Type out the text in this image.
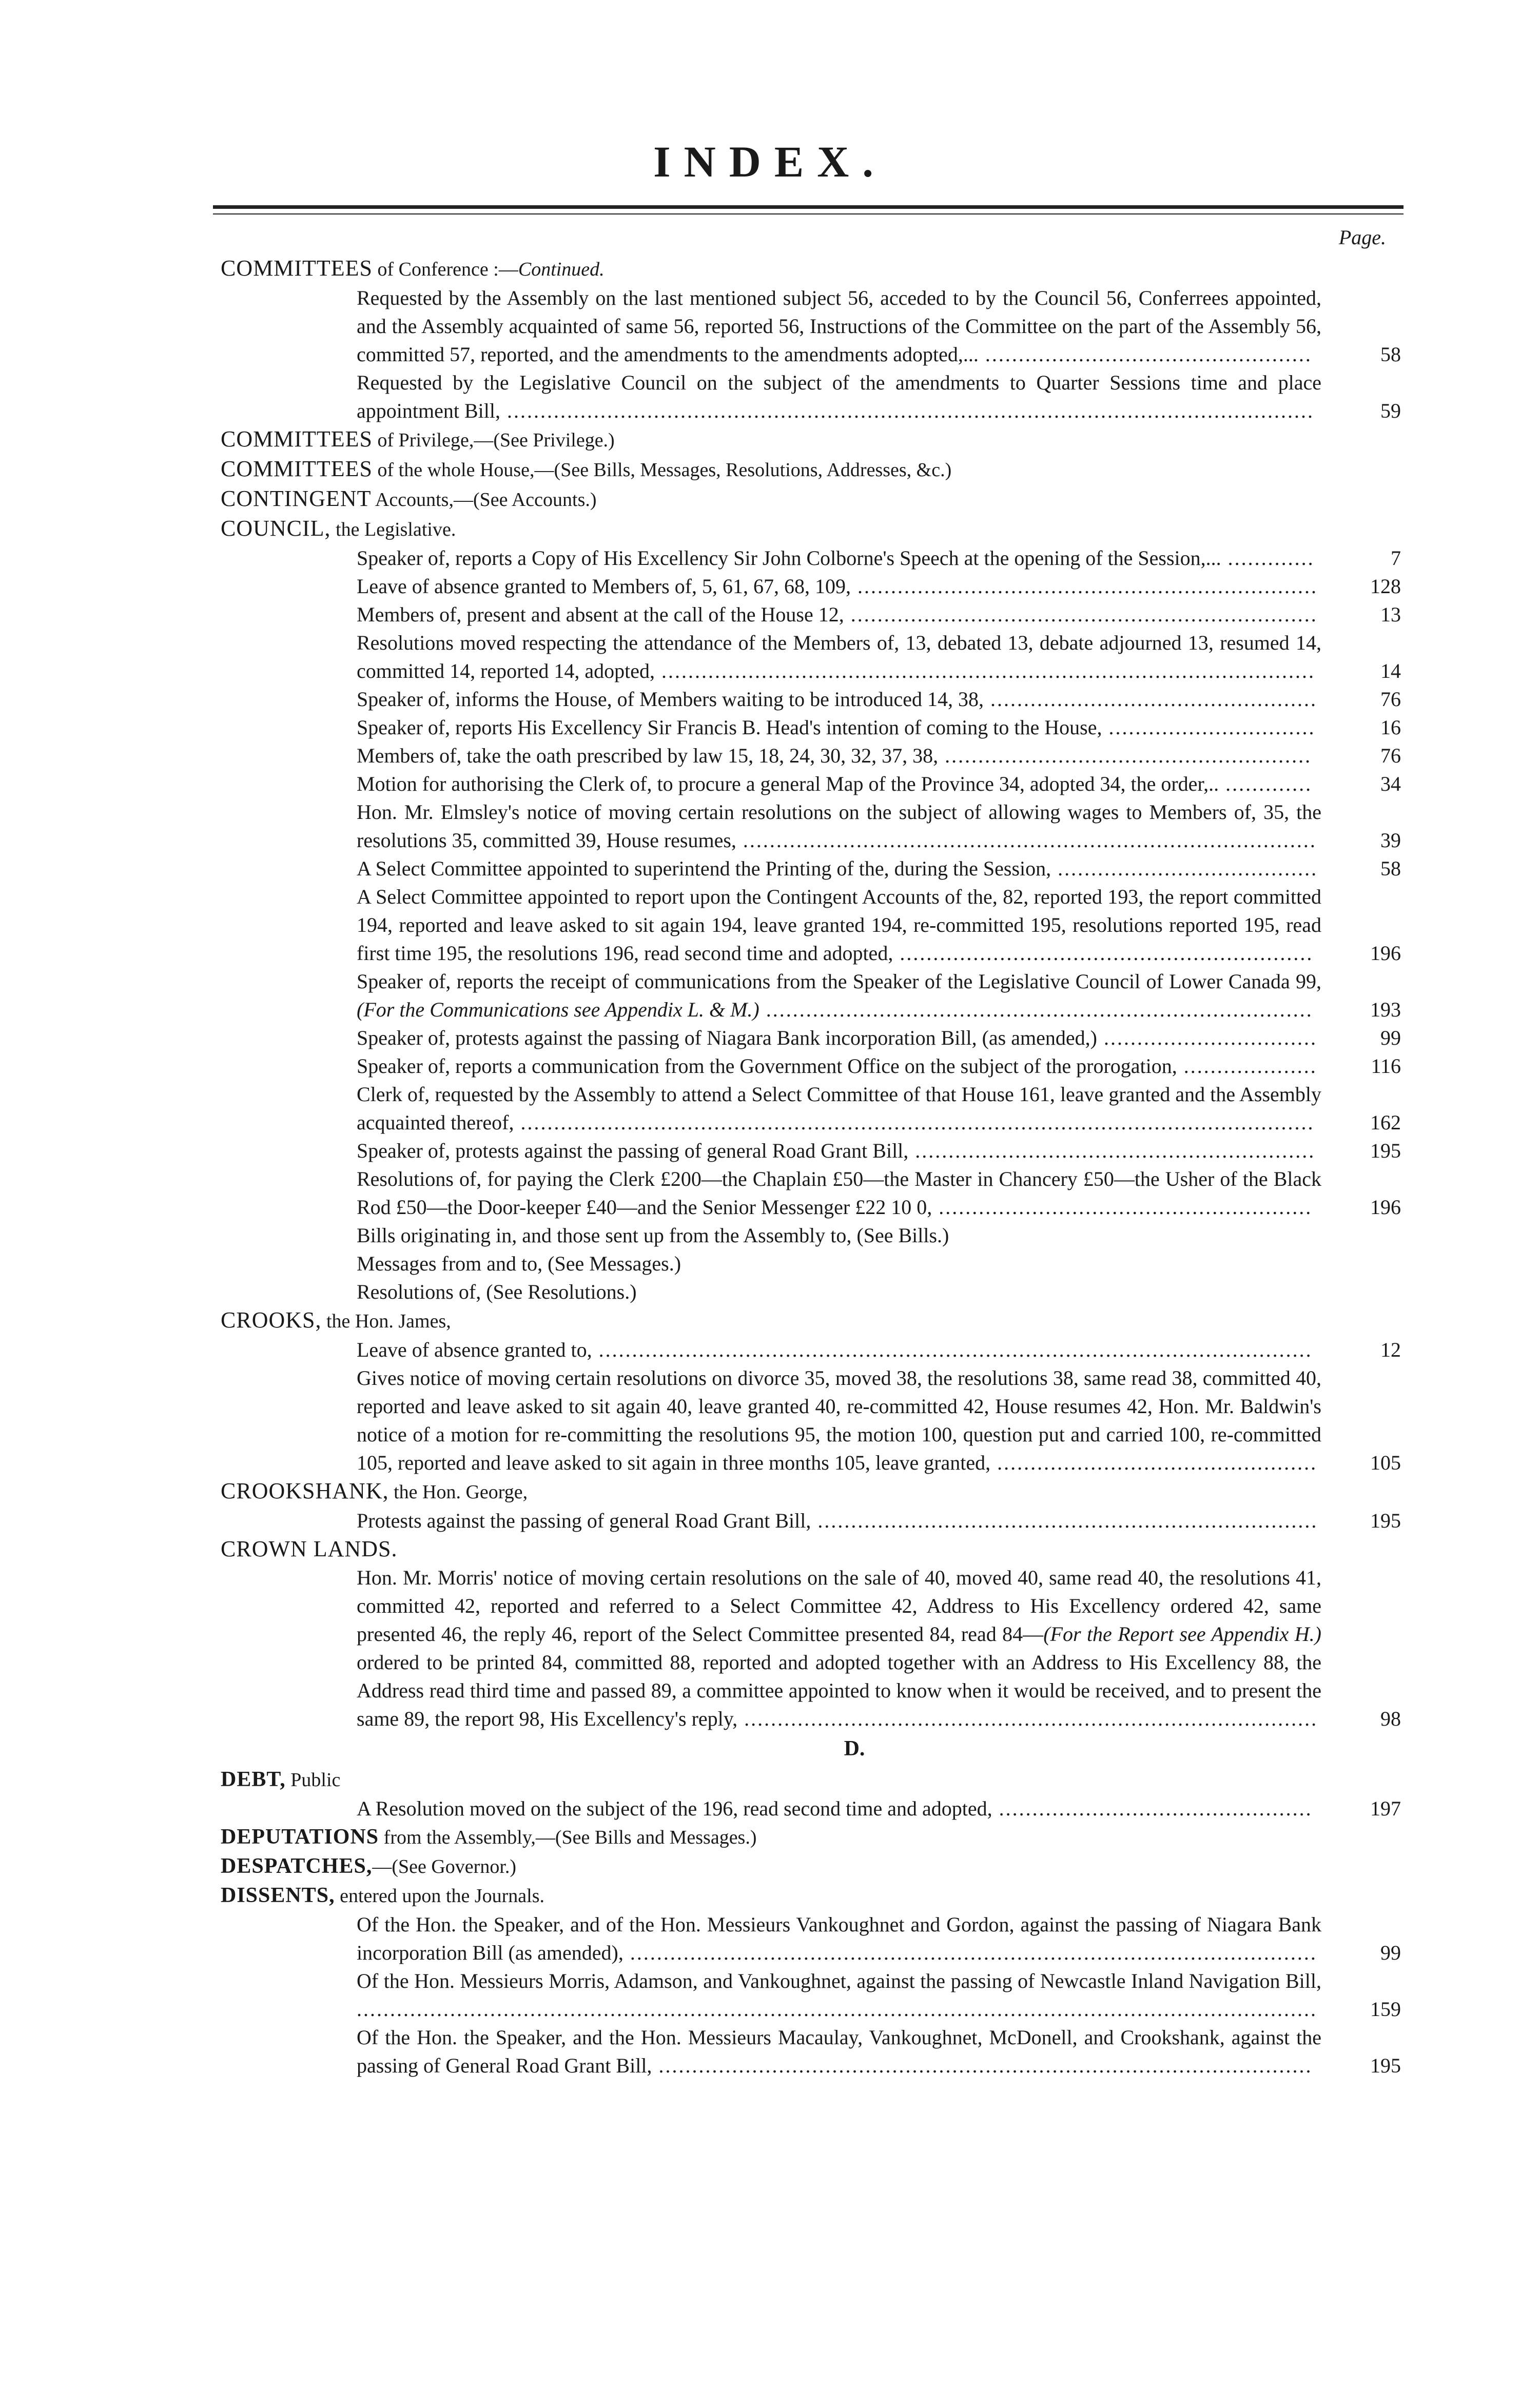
INDEX.
Page.

COMMITTEES of Conference :—Continued.

Requested by the Assembly on the last mentioned subject 56, acceded to by the Council 56, Conferrees appointed, and the Assembly acquainted of same 56, reported 56, Instructions of the Committee on the part of the Assembly 56, committed 57, reported, and the amendments to the amendments adopted,... .................................................	58
Requested by the Legislative Council on the subject of the amendments to Quarter Sessions time and place appointment Bill, .........................................................................................................................	59

COMMITTEES of Privilege,—(See Privilege.)

COMMITTEES of the whole House,—(See Bills, Messages, Resolutions, Addresses, &c.)

CONTINGENT Accounts,—(See Accounts.)

COUNCIL, the Legislative.

Speaker of, reports a Copy of His Excellency Sir John Colborne's Speech at the opening of the Session,... .............	7
Leave of absence granted to Members of, 5, 61, 67, 68, 109, .....................................................................	128
Members of, present and absent at the call of the House 12, ......................................................................	13
Resolutions moved respecting the attendance of the Members of, 13, debated 13, debate adjourned 13, resumed 14, committed 14, reported 14, adopted, ..................................................................................................	14
Speaker of, informs the House, of Members waiting to be introduced 14, 38, .................................................	76
Speaker of, reports His Excellency Sir Francis B. Head's intention of coming to the House, ...............................	16
Members of, take the oath prescribed by law 15, 18, 24, 30, 32, 37, 38, .......................................................	76
Motion for authorising the Clerk of, to procure a general Map of the Province 34, adopted 34, the order,.. .............	34
Hon. Mr. Elmsley's notice of moving certain resolutions on the subject of allowing wages to Members of, 35, the resolutions 35, committed 39, House resumes, ......................................................................................	39
A Select Committee appointed to superintend the Printing of the, during the Session, .......................................	58
A Select Committee appointed to report upon the Contingent Accounts of the, 82, reported 193, the report committed 194, reported and leave asked to sit again 194, leave granted 194, re-committed 195, resolutions reported 195, read first time 195, the resolutions 196, read second time and adopted, ..............................................................	196
Speaker of, reports the receipt of communications from the Speaker of the Legislative Council of Lower Canada 99, (For the Communications see Appendix L. & M.) ..................................................................................	193
Speaker of, protests against the passing of Niagara Bank incorporation Bill, (as amended,) ................................	99
Speaker of, reports a communication from the Government Office on the subject of the prorogation, ....................	116
Clerk of, requested by the Assembly to attend a Select Committee of that House 161, leave granted and the Assembly acquainted thereof, .......................................................................................................................	162
Speaker of, protests against the passing of general Road Grant Bill, ............................................................	195
Resolutions of, for paying the Clerk £200—the Chaplain £50—the Master in Chancery £50—the Usher of the Black Rod £50—the Door-keeper £40—and the Senior Messenger £22 10 0, ........................................................	196
Bills originating in, and those sent up from the Assembly to, (See Bills.)
Messages from and to, (See Messages.)
Resolutions of, (See Resolutions.)

CROOKS, the Hon. James,

Leave of absence granted to, ...........................................................................................................	12
Gives notice of moving certain resolutions on divorce 35, moved 38, the resolutions 38, same read 38, committed 40, reported and leave asked to sit again 40, leave granted 40, re-committed 42, House resumes 42, Hon. Mr. Baldwin's notice of a motion for re-committing the resolutions 95, the motion 100, question put and carried 100, re-committed 105, reported and leave asked to sit again in three months 105, leave granted, ................................................	105

CROOKSHANK, the Hon. George,

Protests against the passing of general Road Grant Bill, ...........................................................................	195

CROWN LANDS.

Hon. Mr. Morris' notice of moving certain resolutions on the sale of 40, moved 40, same read 40, the resolutions 41, committed 42, reported and referred to a Select Committee 42, Address to His Excellency ordered 42, same presented 46, the reply 46, report of the Select Committee presented 84, read 84—(For the Report see Appendix H.) ordered to be printed 84, committed 88, reported and adopted together with an Address to His Excellency 88, the Address read third time and passed 89, a committee appointed to know when it would be received, and to present the same 89, the report 98, His Excellency's reply, ......................................................................................	98
D.

DEBT, Public

A Resolution moved on the subject of the 196, read second time and adopted, ...............................................	197

DEPUTATIONS from the Assembly,—(See Bills and Messages.)

DESPATCHES,—(See Governor.)

DISSENTS, entered upon the Journals.

Of the Hon. the Speaker, and of the Hon. Messieurs Vankoughnet and Gordon, against the passing of Niagara Bank incorporation Bill (as amended), .......................................................................................................	99
Of the Hon. Messieurs Morris, Adamson, and Vankoughnet, against the passing of Newcastle Inland Navigation Bill, ................................................................................................................................................	159
Of the Hon. the Speaker, and the Hon. Messieurs Macaulay, Vankoughnet, McDonell, and Crookshank, against the passing of General Road Grant Bill, ..................................................................................................	195
